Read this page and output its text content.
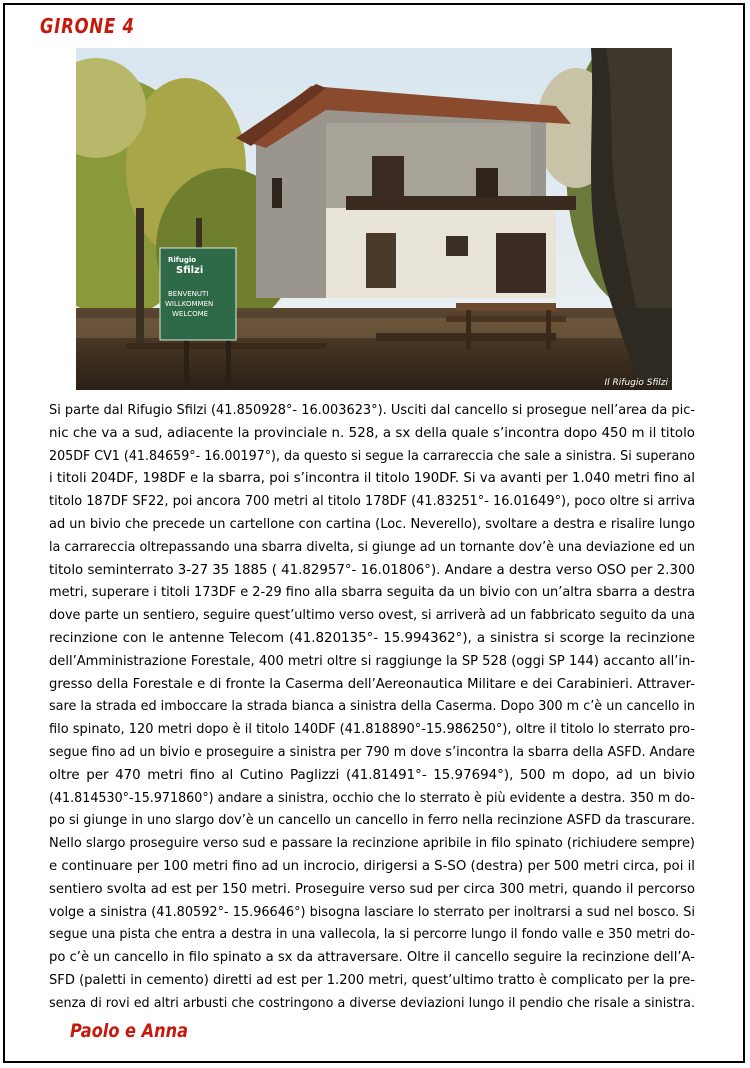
GIRONE 4
Rifugio
Sfilzi
BENVENUTI
WILLKOMMEN
WELCOME
Il Rifugio Sfilzi
Si parte dal Rifugio Sfilzi (41.850928°- 16.003623°). Usciti dal cancello si prosegue nell’area da pic-
nic che va a sud, adiacente la provinciale n. 528, a sx della quale s’incontra dopo 450 m il titolo
205DF CV1 (41.84659°- 16.00197°), da questo si segue la carrareccia che sale a sinistra. Si superano
i titoli 204DF, 198DF e la sbarra, poi s’incontra il titolo 190DF. Si va avanti per 1.040 metri fino al
titolo 187DF SF22, poi ancora 700 metri al titolo 178DF (41.83251°- 16.01649°), poco oltre si arriva
ad un bivio che precede un cartellone con cartina (Loc. Neverello), svoltare a destra e risalire lungo
la carrareccia oltrepassando una sbarra divelta, si giunge ad un tornante dov’è una deviazione ed un
titolo seminterrato 3-27 35 1885 ( 41.82957°- 16.01806°). Andare a destra verso OSO per 2.300
metri, superare i titoli 173DF e 2-29 fino alla sbarra seguita da un bivio con un’altra sbarra a destra
dove parte un sentiero, seguire quest’ultimo verso ovest, si arriverà ad un fabbricato seguito da una
recinzione con le antenne Telecom (41.820135°- 15.994362°), a sinistra si scorge la recinzione
dell’Amministrazione Forestale, 400 metri oltre si raggiunge la SP 528 (oggi SP 144) accanto all’in-
gresso della Forestale e di fronte la Caserma dell’Aereonautica Militare e dei Carabinieri. Attraver-
sare la strada ed imboccare la strada bianca a sinistra della Caserma. Dopo 300 m c’è un cancello in
filo spinato, 120 metri dopo è il titolo 140DF (41.818890°-15.986250°), oltre il titolo lo sterrato pro-
segue fino ad un bivio e proseguire a sinistra per 790 m dove s’incontra la sbarra della ASFD. Andare
oltre per 470 metri fino al Cutino Paglizzi (41.81491°- 15.97694°), 500 m dopo, ad un bivio
(41.814530°-15.971860°) andare a sinistra, occhio che lo sterrato è più evidente a destra. 350 m do-
po si giunge in uno slargo dov’è un cancello un cancello in ferro nella recinzione ASFD da trascurare.
Nello slargo proseguire verso sud e passare la recinzione apribile in filo spinato (richiudere sempre)
e continuare per 100 metri fino ad un incrocio, dirigersi a S-SO (destra) per 500 metri circa, poi il
sentiero svolta ad est per 150 metri. Proseguire verso sud per circa 300 metri, quando il percorso
volge a sinistra (41.80592°- 15.96646°) bisogna lasciare lo sterrato per inoltrarsi a sud nel bosco. Si
segue una pista che entra a destra in una vallecola, la si percorre lungo il fondo valle e 350 metri do-
po c’è un cancello in filo spinato a sx da attraversare. Oltre il cancello seguire la recinzione dell’A-
SFD (paletti in cemento) diretti ad est per 1.200 metri, quest’ultimo tratto è complicato per la pre-
senza di rovi ed altri arbusti che costringono a diverse deviazioni lungo il pendio che risale a sinistra.
Paolo e Anna
